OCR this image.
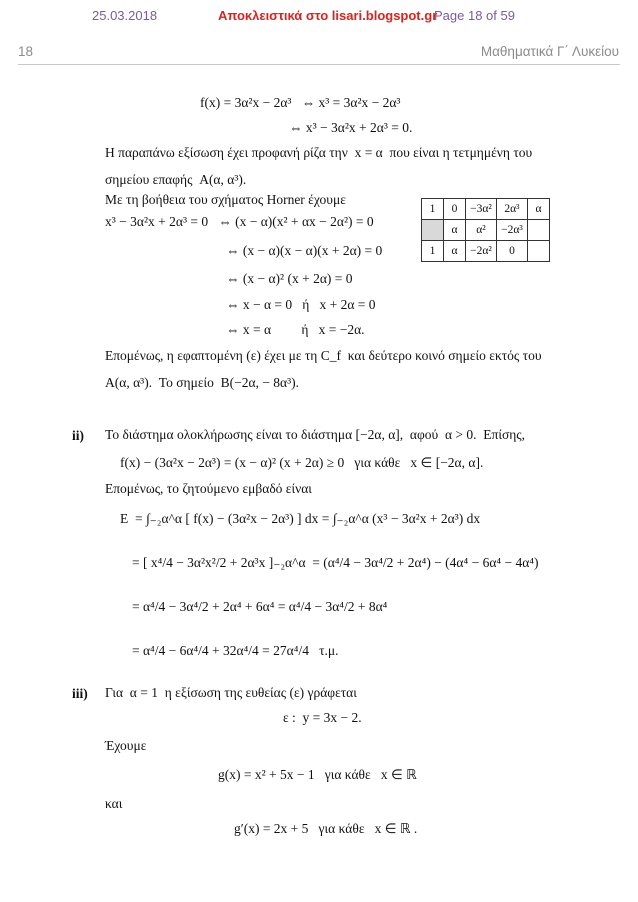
25.03.2018	Αποκλειστικά στο lisari.blogspot.gr
Page 18 of 59
18	Μαθηματικά Γ΄ Λυκείου
f(x) = 3α²x − 2α³   ⇔ x³ = 3α²x − 2α³
⇔ x³ − 3α²x + 2α³ = 0.
Η παραπάνω εξίσωση έχει προφανή ρίζα την  x = α  που είναι η τετμημένη του
σημείου επαφής  A(α, α³).
Με τη βοήθεια του σχήματος Horner έχουμε
x³ − 3α²x + 2α³ = 0   ⇔ (x − α)(x² + αx − 2α²) = 0
⇔ (x − α)(x − α)(x + 2α) = 0
⇔ (x − α)² (x + 2α) = 0
⇔ x − α = 0   ή   x + 2α = 0
⇔ x = α         ή   x = −2α.
Επομένως, η εφαπτομένη (ε) έχει με τη C_f  και δεύτερο κοινό σημείο εκτός του
A(α, α³).  Το σημείο  B(−2α, − 8α³).
1	0	−3α²	2α³	α
	α	α²	−2α³	
1	α	−2α²	0	
ii) Το διάστημα ολοκλήρωσης είναι το διάστημα [−2α, α],  αφού  α > 0.  Επίσης,
f(x) − (3α²x − 2α³) = (x − α)² (x + 2α) ≥ 0   για κάθε   x ∈ [−2α, α].
Επομένως, το ζητούμενο εμβαδό είναι
E  = ∫₋₂α^α [ f(x) − (3α²x − 2α³) ] dx = ∫₋₂α^α (x³ − 3α²x + 2α³) dx
= [ x⁴/4 − 3α²x²/2 + 2α³x ]₋₂α^α  = (α⁴/4 − 3α⁴/2 + 2α⁴) − (4α⁴ − 6α⁴ − 4α⁴)
= α⁴/4 − 3α⁴/2 + 2α⁴ + 6α⁴ = α⁴/4 − 3α⁴/2 + 8α⁴
= α⁴/4 − 6α⁴/4 + 32α⁴/4 = 27α⁴/4   τ.μ.
iii) Για  α = 1  η εξίσωση της ευθείας (ε) γράφεται
ε :  y = 3x − 2.
Έχουμε
g(x) = x² + 5x − 1   για κάθε   x ∈ ℝ
και
g′(x) = 2x + 5   για κάθε   x ∈ ℝ .
